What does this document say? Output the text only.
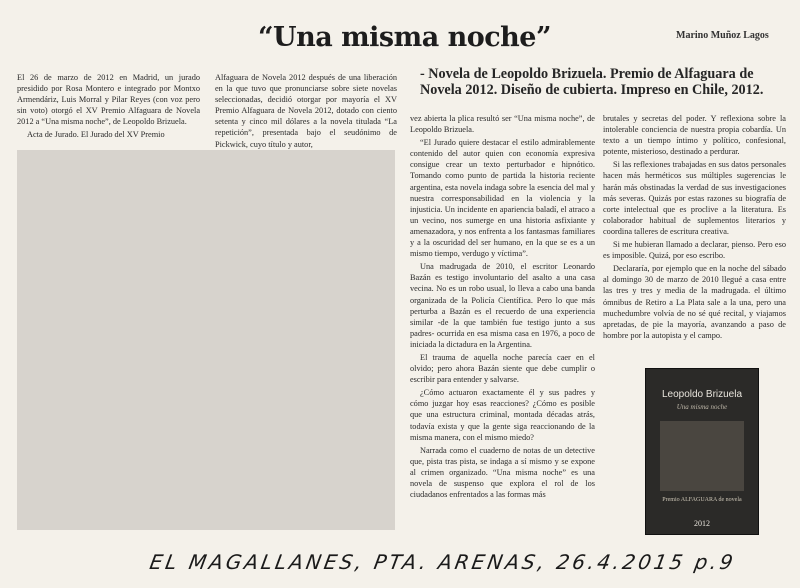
“Una misma noche”	Marino Muñoz Lagos
- Novela de Leopoldo Brizuela. Premio de Alfaguara de Novela 2012. Diseño de cubierta. Impreso en Chile, 2012.

El 26 de marzo de 2012 en Madrid, un jurado presidido por Rosa Montero e integrado por Montxo Armendáriz, Luis Morral y Pilar Reyes (con voz pero sin voto) otorgó el XV Premio Alfaguara de Novela 2012 a “Una misma noche”, de Leopoldo Brizuela.

Acta de Jurado. El Jurado del XV Premio

Alfaguara de Novela 2012 después de una liberación en la que tuvo que pronunciarse sobre siete novelas seleccionadas, decidió otorgar por mayoría el XV Premio Alfaguara de Novela 2012, dotado con ciento setenta y cinco mil dólares a la novela titulada “La repetición”, presentada bajo el seudónimo de Pickwick, cuyo título y autor,

vez abierta la plica resultó ser “Una misma noche”, de Leopoldo Brizuela.

“El Jurado quiere destacar el estilo admirablemente contenido del autor quien con economía expresiva consigue crear un texto perturbador e hipnótico. Tomando como punto de partida la historia reciente argentina, esta novela indaga sobre la esencia del mal y nuestra corresponsabilidad en la violencia y la injusticia. Un incidente en apariencia baladí, el atraco a un vecino, nos sumerge en una historia asfixiante y amenazadora, y nos enfrenta a los fantasmas familiares y a la oscuridad del ser humano, en la que se es a un mismo tiempo, verdugo y víctima”.

Una madrugada de 2010, el escritor Leonardo Bazán es testigo involuntario del asalto a una casa vecina. No es un robo usual, lo lleva a cabo una banda organizada de la Policía Científica. Pero lo que más perturba a Bazán es el recuerdo de una experiencia similar -de la que también fue testigo junto a sus padres- ocurrida en esa misma casa en 1976, a poco de iniciada la dictadura en la Argentina.

El trauma de aquella noche parecía caer en el olvido; pero ahora Bazán siente que debe cumplir o escribir para entender y salvarse.

¿Cómo actuaron exactamente él y sus padres y cómo juzgar hoy esas reacciones? ¿Cómo es posible que una estructura criminal, montada décadas atrás, todavía exista y que la gente siga reaccionando de la misma manera, con el mismo miedo?

Narrada como el cuaderno de notas de un detective que, pista tras pista, se indaga a sí mismo y se expone al crimen organizado. “Una misma noche” es una novela de suspenso que explora el rol de los ciudadanos enfrentados a las formas más

brutales y secretas del poder. Y reflexiona sobre la intolerable conciencia de nuestra propia cobardía. Un texto a un tiempo íntimo y político, confesional, potente, misterioso, destinado a perdurar.

Si las reflexiones trabajadas en sus datos personales hacen más herméticos sus múltiples sugerencias le harán más obstinadas la verdad de sus investigaciones más severas. Quizás por estas razones su biografía de corte intelectual que es proclive a la literatura. Es colaborador habitual de suplementos literarios y coordina talleres de escritura creativa.

Si me hubieran llamado a declarar, pienso. Pero eso es imposible. Quizá, por eso escribo.

Declararía, por ejemplo que en la noche del sábado al domingo 30 de marzo de 2010 llegué a casa entre las tres y tres y media de la madrugada. el último ómnibus de Retiro a La Plata sale a la una, pero una muchedumbre volvía de no sé qué recital, y viajamos apretadas, de pie la mayoría, avanzando a paso de hombre por la autopista y el campo.

Leopoldo Brizuela
Una misma noche
Premio ALFAGUARA de novela
2012
EL MAGALLANES, PTA. ARENAS, 26.4.2015 p.9
